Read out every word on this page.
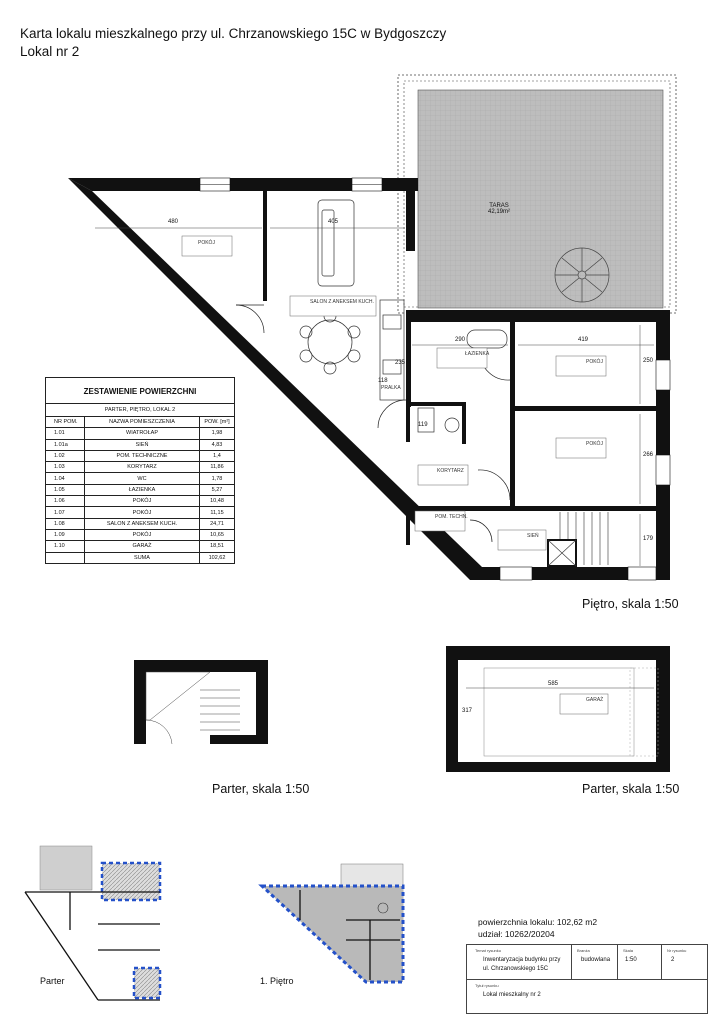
Karta lokalu mieszkalnego przy ul. Chrzanowskiego 15C w Bydgoszczy
Lokal nr 2
TARAS
42,19m²
480	405
290	419
250
266
179
235
118
119
585
317
POKÓJ
SALON Z ANEKSEM KUCH.
ŁAZIENKA
POKÓJ
POKÓJ
KORYTARZ
POM. TECHN.
SIEŃ
GARAŻ
PRALKA
ZESTAWIENIE POWIERZCHNI
PARTER, PIĘTRO, LOKAL 2
NR POM.	NAZWA POMIESZCZENIA	POW. [m²]
1.01	WIATROŁAP	1,98
1.01a	SIEŃ	4,83
1.02	POM. TECHNICZNE	1,4
1.03	KORYTARZ	11,86
1.04	WC	1,78
1.05	ŁAZIENKA	5,27
1.06	POKÓJ	10,48
1.07	POKÓJ	11,15
1.08	SALON Z ANEKSEM KUCH.	24,71
1.09	POKÓJ	10,65
1.10	GARAŻ	18,51
	SUMA	102,62
Piętro, skala 1:50
Parter, skala 1:50	Parter, skala 1:50
Parter	1. Piętro
powierzchnia lokalu: 102,62 m2
udział: 10262/20204
Temat rysunku
Inwentaryzacja budynku przy
ul. Chrzanowskiego 15C
Branża
budowlana
Skala
1:50
Nr rysunku
2
Tytuł rysunku
Lokal mieszkalny nr 2
